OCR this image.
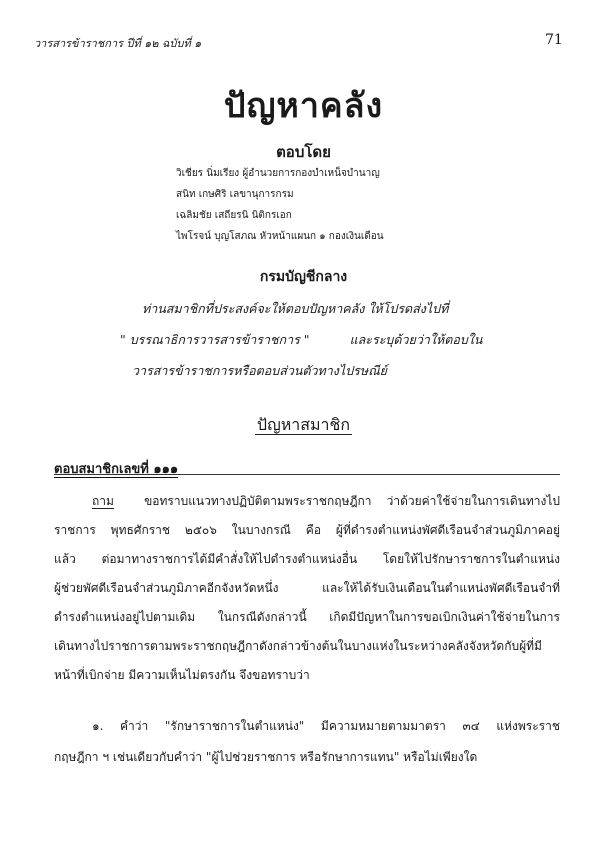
วารสารข้าราชการ ปีที่ ๑๒ ฉบับที่ ๑	71
ปัญหาคลัง
ตอบโดย
วิเชียร นิ่มเรียง ผู้อำนวยการกองบำเหน็จบำนาญ
สนิท เกษศิริ เลขานุการกรม
เฉลิมชัย เสถียรนิ นิติกรเอก
ไพโรจน์ บุญโสภณ หัวหน้าแผนก ๑ กองเงินเดือน
กรมบัญชีกลาง
ท่านสมาชิกที่ประสงค์จะให้ตอบปัญหาคลัง ให้โปรดส่งไปที่
" บรรณาธิการวารสารข้าราชการ "	และระบุด้วยว่าให้ตอบใน
วารสารข้าราชการหรือตอบส่วนตัวทางไปรษณีย์
ปัญหาสมาชิก
ตอบสมาชิกเลขที่ ๑๑๑
ถาม	ขอทราบแนวทางปฏิบัติตามพระราชกฤษฎีกา ว่าด้วยค่าใช้จ่ายในการเดินทางไป
ราชการ พุทธศักราช ๒๕๐๖ ในบางกรณี คือ ผู้ที่ดำรงตำแหน่งพัศดีเรือนจำส่วนภูมิภาคอยู่
แล้ว ต่อมาทางราชการได้มีคำสั่งให้ไปดำรงตำแหน่งอื่น โดยให้ไปรักษาราชการในตำแหน่ง
ผู้ช่วยพัศดีเรือนจำส่วนภูมิภาคอีกจังหวัดหนึ่ง และให้ได้รับเงินเดือนในตำแหน่งพัศดีเรือนจำที่
ดำรงตำแหน่งอยู่ไปตามเดิม ในกรณีดังกล่าวนี้ เกิดมีปัญหาในการขอเบิกเงินค่าใช้จ่ายในการ
เดินทางไปราชการตามพระราชกฤษฎีกาดังกล่าวข้างต้นในบางแห่งในระหว่างคลังจังหวัดกับผู้ที่มี
หน้าที่เบิกจ่าย มีความเห็นไม่ตรงกัน จึงขอทราบว่า
๑. คำว่า "รักษาราชการในตำแหน่ง" มีความหมายตามมาตรา ๓๔ แห่งพระราช
กฤษฎีกา ฯ เช่นเดียวกับคำว่า "ผู้ไปช่วยราชการ หรือรักษาการแทน" หรือไม่เพียงใด
